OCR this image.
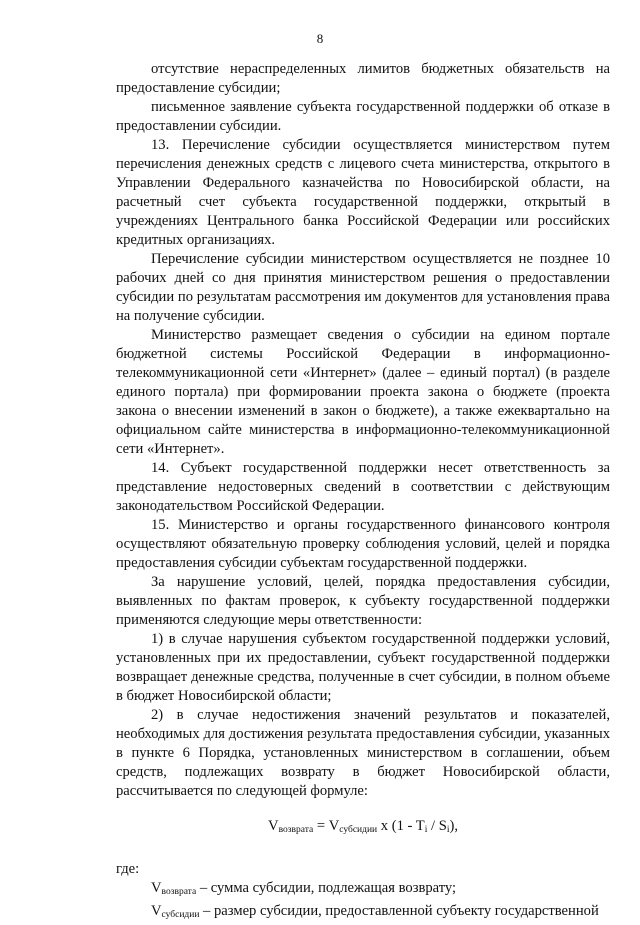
8

отсутствие нераспределенных лимитов бюджетных обязательств на предоставление субсидии;

письменное заявление субъекта государственной поддержки об отказе в предоставлении субсидии.

13. Перечисление субсидии осуществляется министерством путем перечисления денежных средств с лицевого счета министерства, открытого в Управлении Федерального казначейства по Новосибирской области, на расчетный счет субъекта государственной поддержки, открытый в учреждениях Центрального банка Российской Федерации или российских кредитных организациях.

Перечисление субсидии министерством осуществляется не позднее 10 рабочих дней со дня принятия министерством решения о предоставлении субсидии по результатам рассмотрения им документов для установления права на получение субсидии.

Министерство размещает сведения о субсидии на едином портале бюджетной системы Российской Федерации в информационно-телекоммуникационной сети «Интернет» (далее – единый портал) (в разделе единого портала) при формировании проекта закона о бюджете (проекта закона о внесении изменений в закон о бюджете), а также ежеквартально на официальном сайте министерства в информационно-телекоммуникационной сети «Интернет».

14. Субъект государственной поддержки несет ответственность за представление недостоверных сведений в соответствии с действующим законодательством Российской Федерации.

15. Министерство и органы государственного финансового контроля осуществляют обязательную проверку соблюдения условий, целей и порядка предоставления субсидии субъектам государственной поддержки.

За нарушение условий, целей, порядка предоставления субсидии, выявленных по фактам проверок, к субъекту государственной поддержки применяются следующие меры ответственности:

1) в случае нарушения субъектом государственной поддержки условий, установленных при их предоставлении, субъект государственной поддержки возвращает денежные средства, полученные в счет субсидии, в полном объеме в бюджет Новосибирской области;

2) в случае недостижения значений результатов и показателей, необходимых для достижения результата предоставления субсидии, указанных в пункте 6 Порядка, установленных министерством в соглашении, объем средств, подлежащих возврату в бюджет Новосибирской области, рассчитывается по следующей формуле:

$V_{возврата} = V_{субсидии}$ x $(1 - T_i / S_i)$,

где:

$V_{возврата}$ – сумма субсидии, подлежащая возврату;

$V_{субсидии}$ – размер субсидии, предоставленной субъекту государственной
